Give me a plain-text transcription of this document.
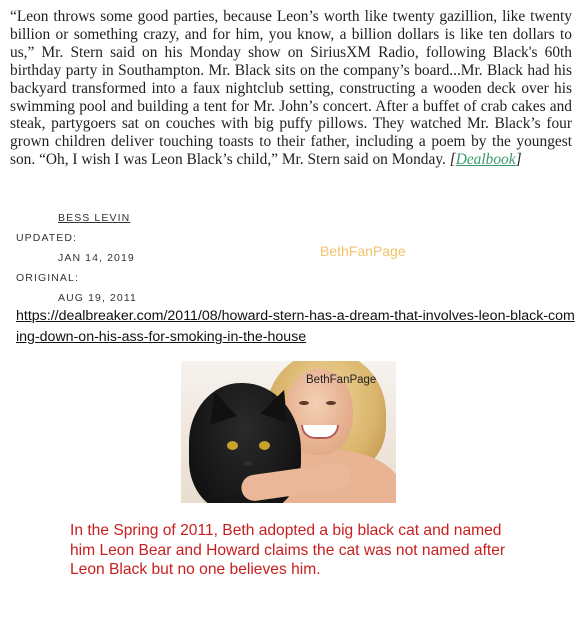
“Leon throws some good parties, because Leon’s worth like twenty gazillion, like twenty billion or something crazy, and for him, you know, a billion dollars is like ten dollars to us,” Mr. Stern said on his Monday show on SiriusXM Radio, following Black's 60th birthday party in Southampton. Mr. Black sits on the company’s board...Mr. Black had his backyard transformed into a faux nightclub setting, constructing a wooden deck over his swimming pool and building a tent for Mr. John’s concert. After a buffet of crab cakes and steak, partygoers sat on couches with big puffy pillows. They watched Mr. Black’s four grown children deliver touching toasts to their father, including a poem by the youngest son. “Oh, I wish I was Leon Black’s child,” Mr. Stern said on Monday. [Dealbook]

BESS LEVIN
UPDATED:
JAN 14, 2019
ORIGINAL:
AUG 19, 2011
BethFanPage
https://dealbreaker.com/2011/08/howard-stern-has-a-dream-that-involves-leon-black-coming-down-on-his-ass-for-smoking-in-the-house
BethFanPage

In the Spring of 2011, Beth adopted a big black cat and named him Leon Bear and Howard claims the cat was not named after Leon Black but no one believes him.
